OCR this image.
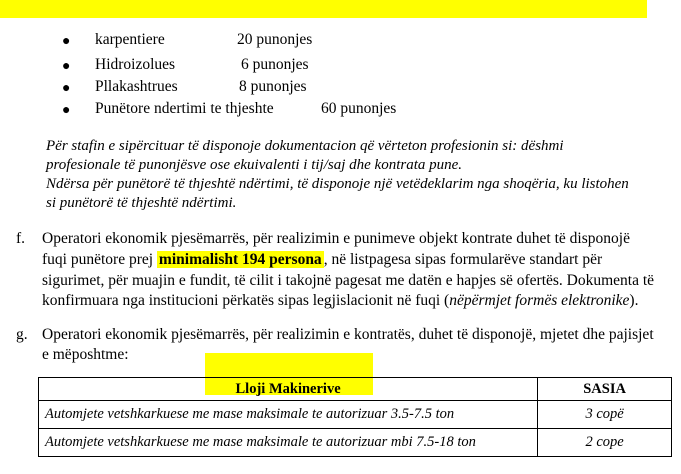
● karpentiere	20 punonjes
● Hidroizolues	6 punonjes
● Pllakashtrues	8 punonjes
● Punëtore ndertimi te thjeshte	60 punonjes
Për stafin e sipërcituar të disponoje dokumentacion që vërteton profesionin si: dëshmi
profesionale të punonjësve ose ekuivalenti i tij/saj dhe kontrata pune.
Ndërsa për punëtorë të thjeshtë ndërtimi, të disponoje një vetëdeklarim nga shoqëria, ku listohen
si punëtorë të thjeshtë ndërtimi.
f. Operatori ekonomik pjesëmarrës, për realizimin e punimeve objekt kontrate duhet të disponojë
fuqi punëtore prej minimalisht 194 persona , në listpagesa sipas formularëve standart për
sigurimet, për muajin e fundit, të cilit i takojnë pagesat me datën e hapjes së ofertës. Dokumenta të
konfirmuara nga institucioni përkatës sipas legjislacionit në fuqi (nëpërmjet formës elektronike).
g. Operatori ekonomik pjesëmarrës, për realizimin e kontratës, duhet të disponojë, mjetet dhe pajisjet
e mëposhtme:
Lloji Makinerive	SASIA
Automjete vetshkarkuese me mase maksimale te autorizuar 3.5-7.5 ton	3 copë
Automjete vetshkarkuese me mase maksimale te autorizuar mbi 7.5-18 ton	2 cope
